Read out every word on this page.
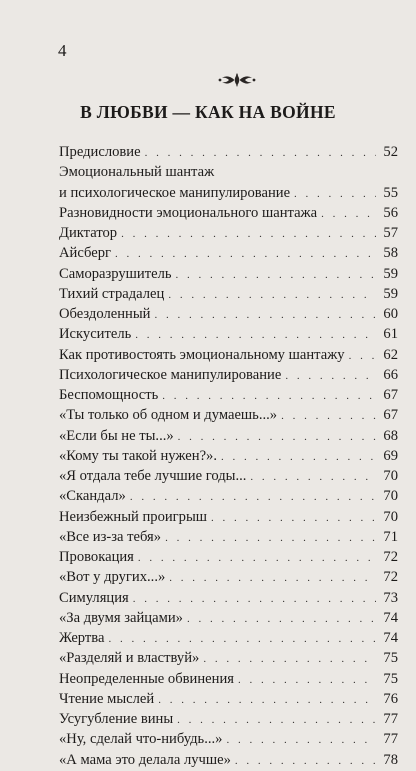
4
В ЛЮБВИ — КАК НА ВОЙНЕ
Предисловие . . .	52
Эмоциональный шантаж
и психологическое манипулирование . . .	55
Разновидности эмоционального шантажа . . .	56
Диктатор . . .	57
Айсберг . . .	58
Саморазрушитель . . .	59
Тихий страдалец . . .	59
Обездоленный . . .	60
Искуситель . . .	61
Как противостоять эмоциональному шантажу . . .	62
Психологическое манипулирование . . .	66
Беспомощность . . .	67
«Ты только об одном и думаешь...» . . .	67
«Если бы не ты...» . . .	68
«Кому ты такой нужен?». . . .	69
«Я отдала тебе лучшие годы... . . .	70
«Скандал» . . .	70
Неизбежный проигрыш . . .	70
«Все из-за тебя» . . .	71
Провокация . . .	72
«Вот у других...» . . .	72
Симуляция . . .	73
«За двумя зайцами» . . .	74
Жертва . . .	74
«Разделяй и властвуй» . . .	75
Неопределенные обвинения . . .	75
Чтение мыслей . . .	76
Усугубление вины . . .	77
«Ну, сделай что-нибудь...» . . .	77
«А мама это делала лучше» . . .	78
